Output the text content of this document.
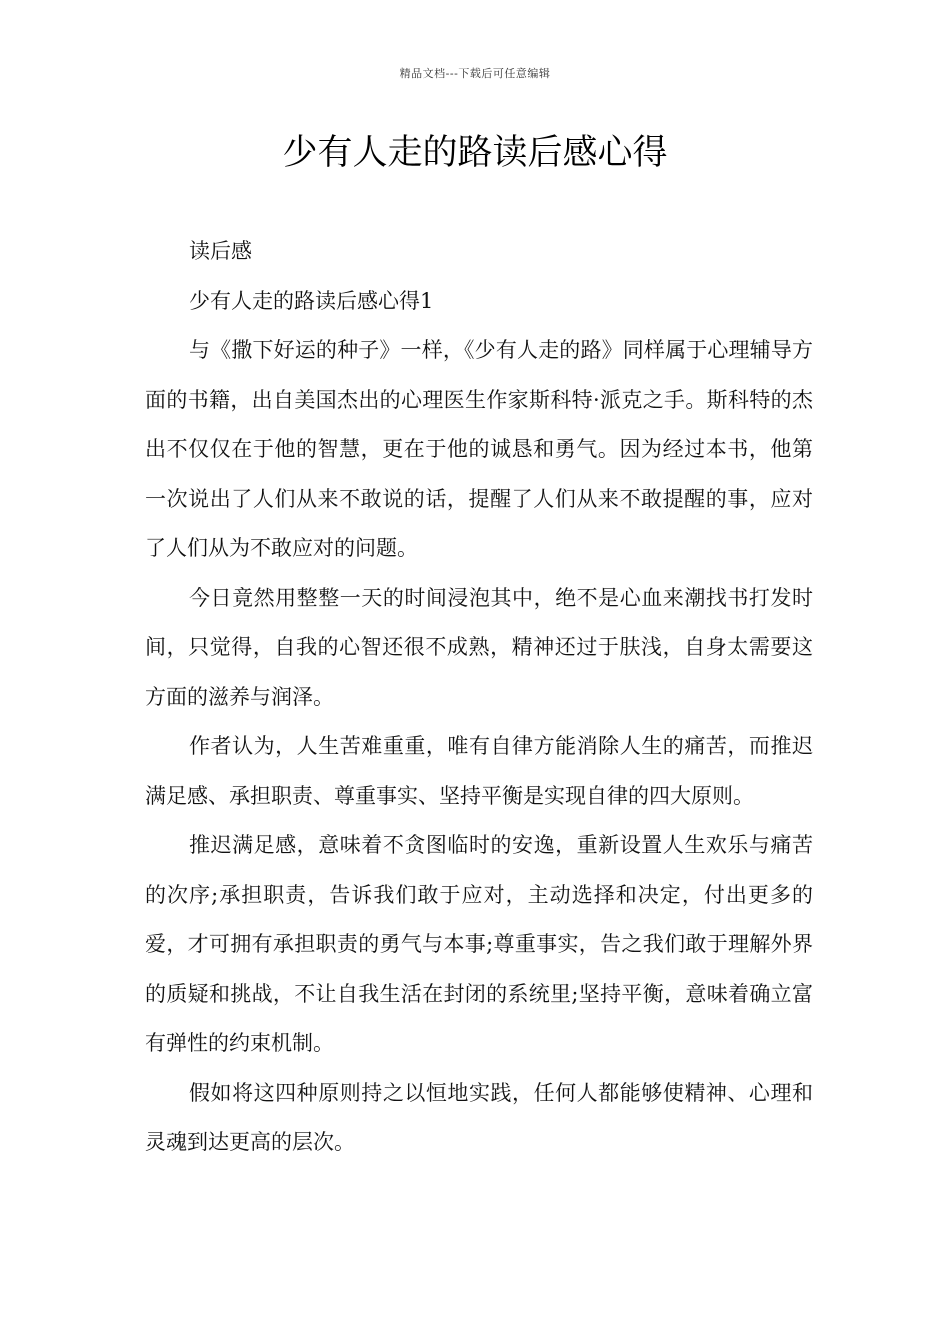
精品文档---下载后可任意编辑
少有人走的路读后感心得

读后感

少有人走的路读后感心得1

与《撒下好运的种子》一样，《少有人走的路》同样属于心理辅导方面的书籍，出自美国杰出的心理医生作家斯科特·派克之手。斯科特的杰出不仅仅在于他的智慧，更在于他的诚恳和勇气。因为经过本书，他第一次说出了人们从来不敢说的话，提醒了人们从来不敢提醒的事，应对了人们从为不敢应对的问题。

今日竟然用整整一天的时间浸泡其中，绝不是心血来潮找书打发时间，只觉得，自我的心智还很不成熟，精神还过于肤浅，自身太需要这方面的滋养与润泽。

作者认为，人生苦难重重，唯有自律方能消除人生的痛苦，而推迟满足感、承担职责、尊重事实、坚持平衡是实现自律的四大原则。

推迟满足感，意味着不贪图临时的安逸，重新设置人生欢乐与痛苦的次序;承担职责，告诉我们敢于应对，主动选择和决定，付出更多的爱，才可拥有承担职责的勇气与本事;尊重事实，告之我们敢于理解外界的质疑和挑战，不让自我生活在封闭的系统里;坚持平衡，意味着确立富有弹性的约束机制。

假如将这四种原则持之以恒地实践，任何人都能够使精神、心理和灵魂到达更高的层次。
